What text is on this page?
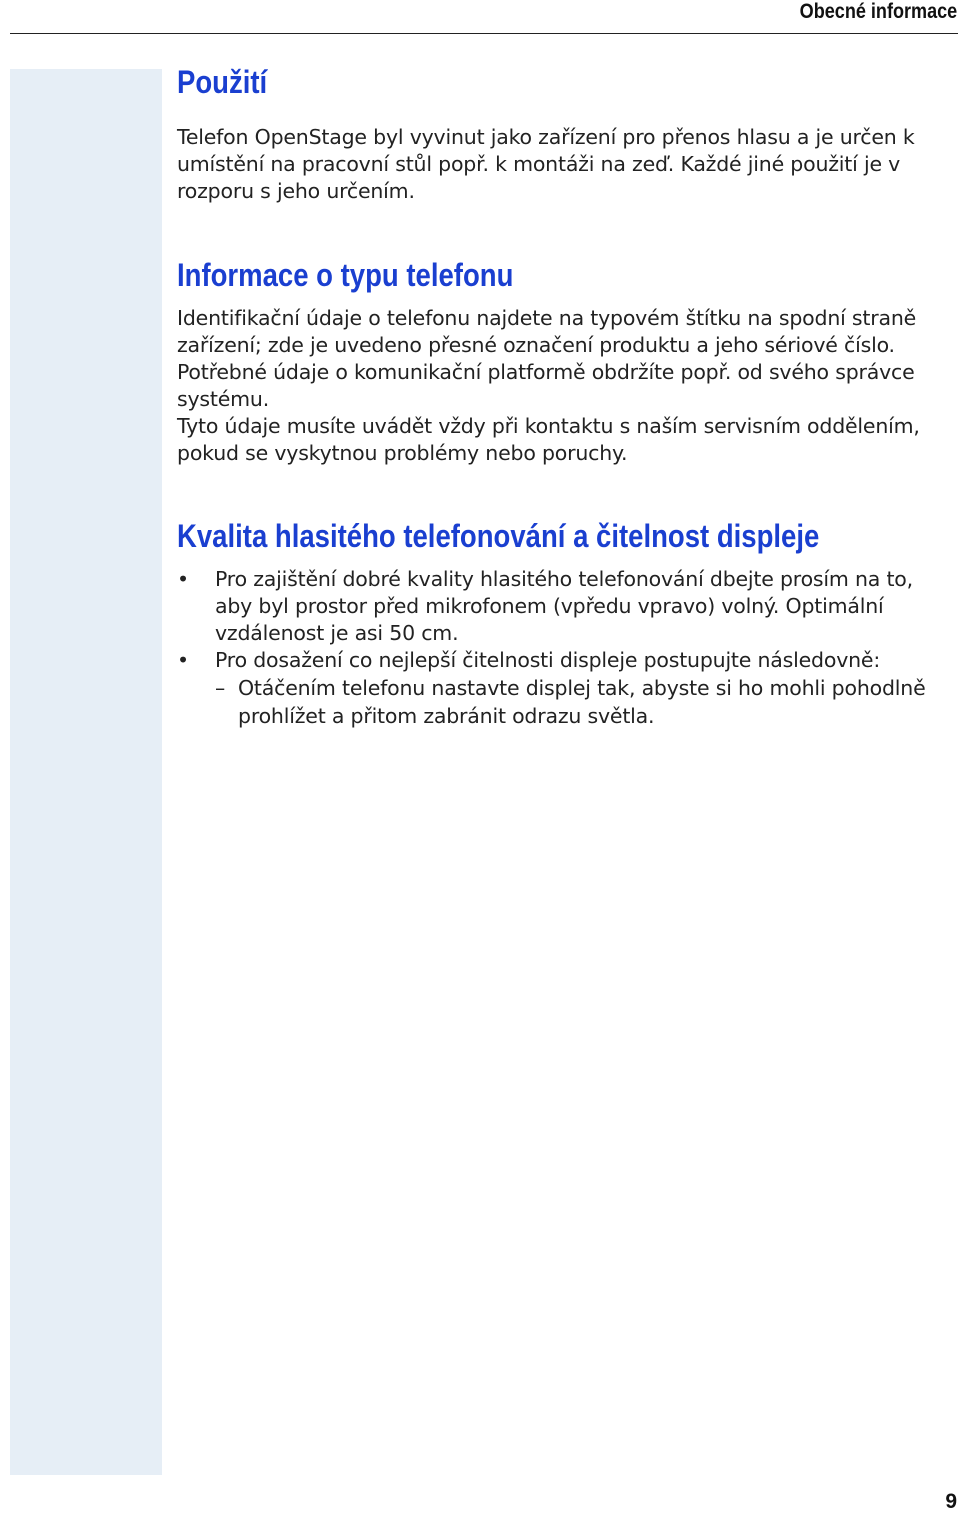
Obecné informace
Použití

Telefon OpenStage byl vyvinut jako zařízení pro přenos hlasu a je určen k umístění na pracovní stůl popř. k montáži na zeď. Každé jiné použití je v rozporu s jeho určením.

Informace o typu telefonu

Identifikační údaje o telefonu najdete na typovém štítku na spodní straně zařízení; zde je uvedeno přesné označení produktu a jeho sériové číslo. Potřebné údaje o komunikační platformě obdržíte popř. od svého správce systému.

Tyto údaje musíte uvádět vždy při kontaktu s naším servisním oddělením, pokud se vyskytnou problémy nebo poruchy.

Kvalita hlasitého telefonování a čitelnost displeje
•	Pro zajištění dobré kvality hlasitého telefonování dbejte prosím na to, aby byl prostor před mikrofonem (vpředu vpravo) volný. Optimální vzdálenost je asi 50 cm.
•	Pro dosažení co nejlepší čitelnosti displeje postupujte následovně:
– Otáčením telefonu nastavte displej tak, abyste si ho mohli pohodlně prohlížet a přitom zabránit odrazu světla.
9
